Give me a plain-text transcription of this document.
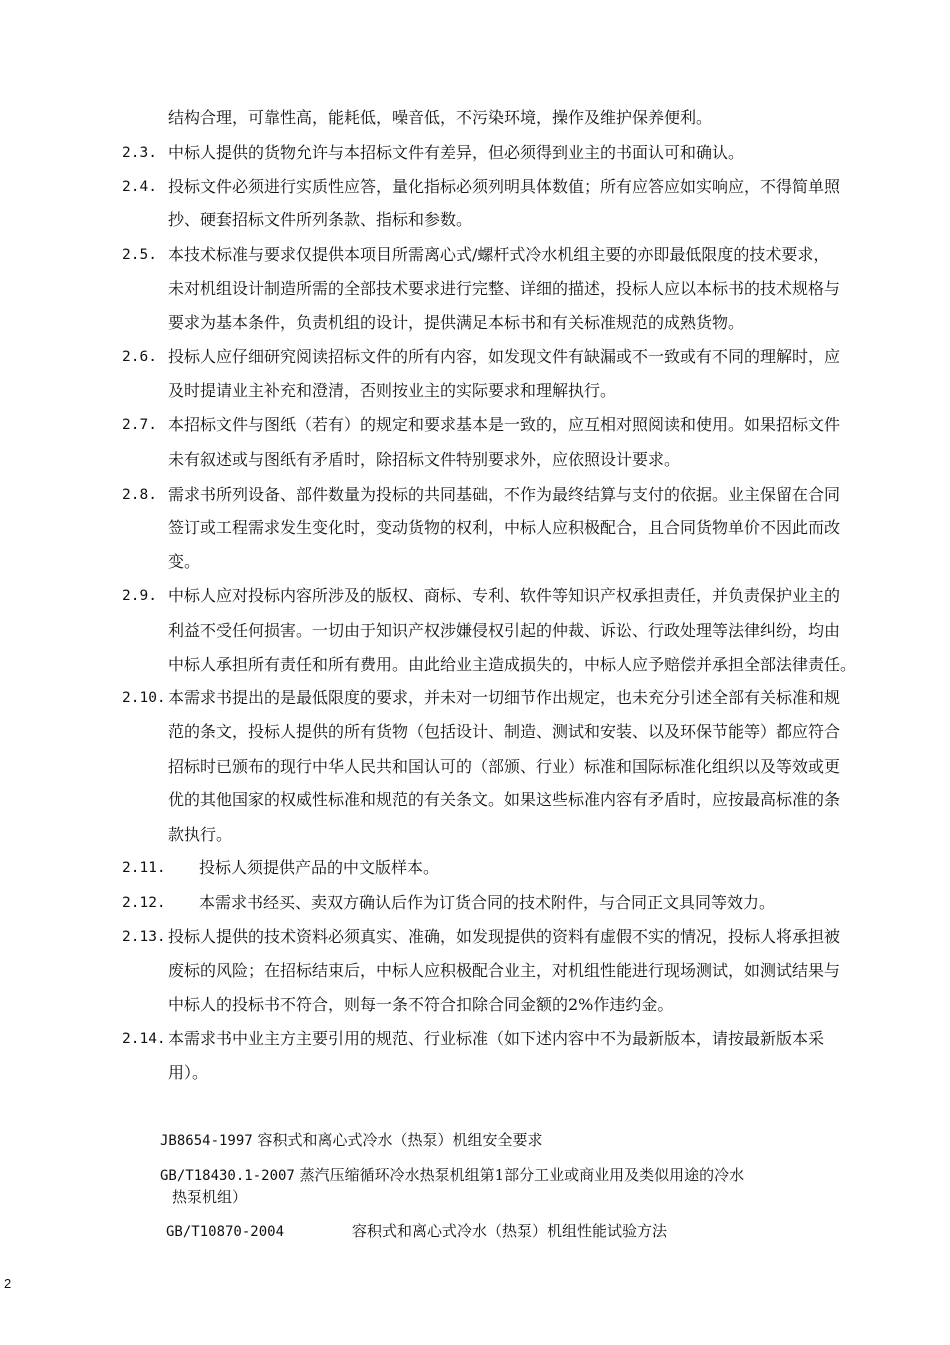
结构合理，可靠性高，能耗低，噪音低，不污染环境，操作及维护保养便利。
2.3. 中标人提供的货物允许与本招标文件有差异，但必须得到业主的书面认可和确认。
2.4. 投标文件必须进行实质性应答，量化指标必须列明具体数值；所有应答应如实响应，不得简单照
抄、硬套招标文件所列条款、指标和参数。
2.5. 本技术标准与要求仅提供本项目所需离心式/螺杆式冷水机组主要的亦即最低限度的技术要求，
未对机组设计制造所需的全部技术要求进行完整、详细的描述，投标人应以本标书的技术规格与
要求为基本条件，负责机组的设计，提供满足本标书和有关标准规范的成熟货物。
2.6. 投标人应仔细研究阅读招标文件的所有内容，如发现文件有缺漏或不一致或有不同的理解时，应
及时提请业主补充和澄清，否则按业主的实际要求和理解执行。
2.7. 本招标文件与图纸（若有）的规定和要求基本是一致的，应互相对照阅读和使用。如果招标文件
未有叙述或与图纸有矛盾时，除招标文件特别要求外，应依照设计要求。
2.8. 需求书所列设备、部件数量为投标的共同基础，不作为最终结算与支付的依据。业主保留在合同
签订或工程需求发生变化时，变动货物的权利，中标人应积极配合，且合同货物单价不因此而改
变。
2.9. 中标人应对投标内容所涉及的版权、商标、专利、软件等知识产权承担责任，并负责保护业主的
利益不受任何损害。一切由于知识产权涉嫌侵权引起的仲裁、诉讼、行政处理等法律纠纷，均由
中标人承担所有责任和所有费用。由此给业主造成损失的，中标人应予赔偿并承担全部法律责任。
2.10. 本需求书提出的是最低限度的要求，并未对一切细节作出规定，也未充分引述全部有关标准和规
范的条文，投标人提供的所有货物（包括设计、制造、测试和安装、以及环保节能等）都应符合
招标时已颁布的现行中华人民共和国认可的（部颁、行业）标准和国际标准化组织以及等效或更
优的其他国家的权威性标准和规范的有关条文。如果这些标准内容有矛盾时，应按最高标准的条
款执行。
2.11. 投标人须提供产品的中文版样本。
2.12. 本需求书经买、卖双方确认后作为订货合同的技术附件，与合同正文具同等效力。
2.13. 投标人提供的技术资料必须真实、准确，如发现提供的资料有虚假不实的情况，投标人将承担被
废标的风险；在招标结束后，中标人应积极配合业主，对机组性能进行现场测试，如测试结果与
中标人的投标书不符合，则每一条不符合扣除合同金额的2%作违约金。
2.14. 本需求书中业主方主要引用的规范、行业标准（如下述内容中不为最新版本，请按最新版本采
用）。
JB8654-1997 容积式和离心式冷水（热泵）机组安全要求
GB/T18430.1-2007 蒸汽压缩循环冷水热泵机组第1部分工业或商业用及类似用途的冷水
热泵机组）
GB/T10870-2004	容积式和离心式冷水（热泵）机组性能试验方法
2
